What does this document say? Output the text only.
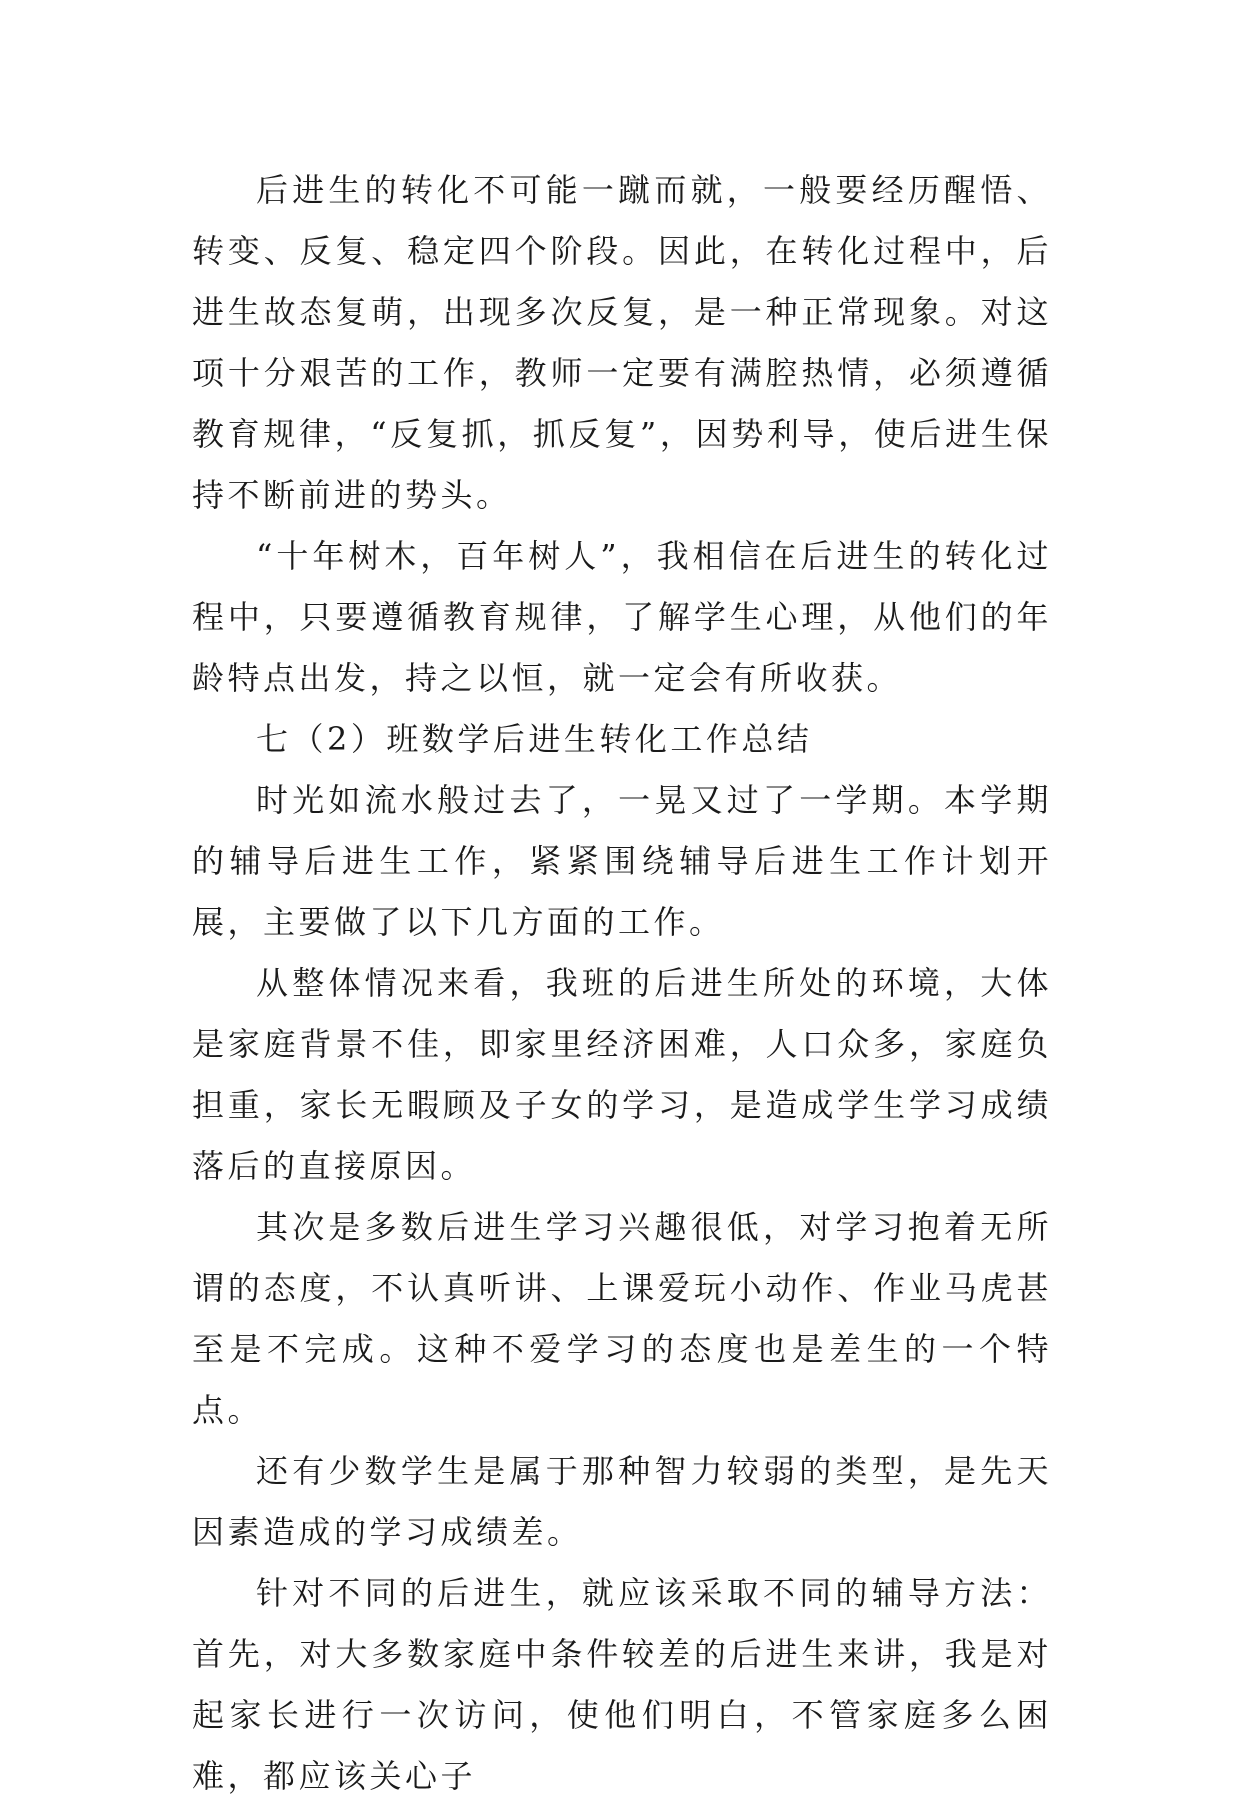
后进生的转化不可能一蹴而就，一般要经历醒悟、转变、反复、稳定四个阶段。因此，在转化过程中，后进生故态复萌，出现多次反复，是一种正常现象。对这项十分艰苦的工作，教师一定要有满腔热情，必须遵循教育规律，“反复抓，抓反复”，因势利导，使后进生保持不断前进的势头。

“十年树木，百年树人”，我相信在后进生的转化过程中，只要遵循教育规律，了解学生心理，从他们的年龄特点出发，持之以恒，就一定会有所收获。

七（2）班数学后进生转化工作总结

时光如流水般过去了，一晃又过了一学期。本学期的辅导后进生工作，紧紧围绕辅导后进生工作计划开展，主要做了以下几方面的工作。

从整体情况来看，我班的后进生所处的环境，大体是家庭背景不佳，即家里经济困难，人口众多，家庭负担重，家长无暇顾及子女的学习，是造成学生学习成绩落后的直接原因。

其次是多数后进生学习兴趣很低，对学习抱着无所谓的态度，不认真听讲、上课爱玩小动作、作业马虎甚至是不完成。这种不爱学习的态度也是差生的一个特点。

还有少数学生是属于那种智力较弱的类型，是先天因素造成的学习成绩差。

针对不同的后进生，就应该采取不同的辅导方法：首先，对大多数家庭中条件较差的后进生来讲，我是对起家长进行一次访问，使他们明白，不管家庭多么困难，都应该关心子
